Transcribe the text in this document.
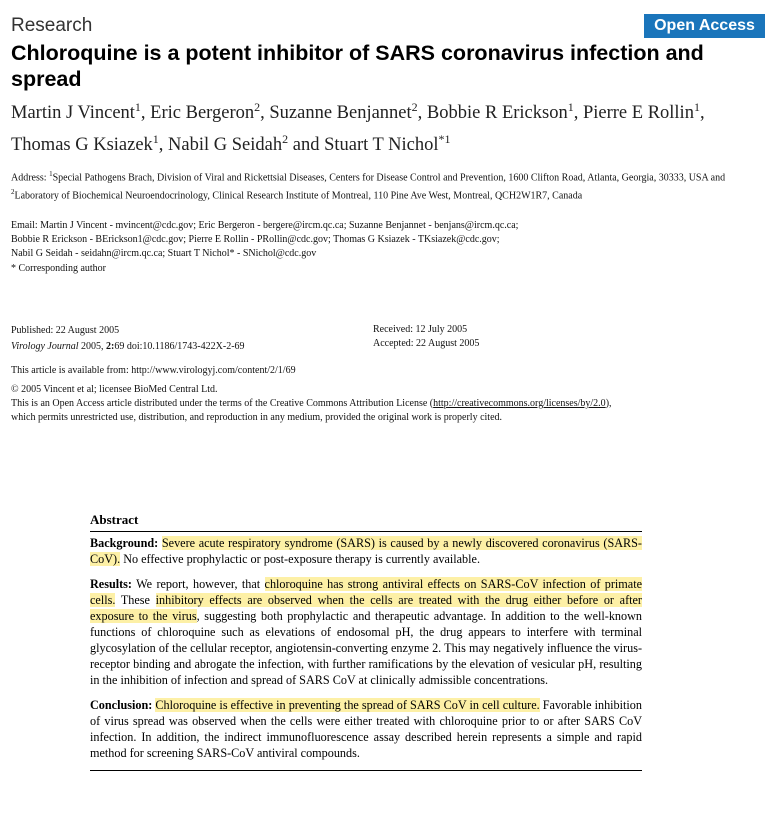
Research	Open Access
Chloroquine is a potent inhibitor of SARS coronavirus infection and spread
Martin J Vincent$^1$, Eric Bergeron$^2$, Suzanne Benjannet$^2$, Bobbie R Erickson$^1$, Pierre E Rollin$^1$, Thomas G Ksiazek$^1$, Nabil G Seidah$^2$ and Stuart T Nichol$^{*1}$
Address: $^1$Special Pathogens Brach, Division of Viral and Rickettsial Diseases, Centers for Disease Control and Prevention, 1600 Clifton Road, Atlanta, Georgia, 30333, USA and $^2$Laboratory of Biochemical Neuroendocrinology, Clinical Research Institute of Montreal, 110 Pine Ave West, Montreal, QCH2W1R7, Canada
Email: Martin J Vincent - mvincent@cdc.gov; Eric Bergeron - bergere@ircm.qc.ca; Suzanne Benjannet - benjans@ircm.qc.ca;
Bobbie R Erickson - BErickson1@cdc.gov; Pierre E Rollin - PRollin@cdc.gov; Thomas G Ksiazek - TKsiazek@cdc.gov;
Nabil G Seidah - seidahn@ircm.qc.ca; Stuart T Nichol* - SNichol@cdc.gov
* Corresponding author
Published: 22 August 2005
Virology Journal 2005, 2:69 doi:10.1186/1743-422X-2-69
Received: 12 July 2005
Accepted: 22 August 2005
This article is available from: http://www.virologyj.com/content/2/1/69
© 2005 Vincent et al; licensee BioMed Central Ltd.
This is an Open Access article distributed under the terms of the Creative Commons Attribution License (http://creativecommons.org/licenses/by/2.0),
which permits unrestricted use, distribution, and reproduction in any medium, provided the original work is properly cited.
Abstract
Background: Severe acute respiratory syndrome (SARS) is caused by a newly discovered coronavirus (SARS-CoV). No effective prophylactic or post-exposure therapy is currently available.
Results: We report, however, that chloroquine has strong antiviral effects on SARS-CoV infection of primate cells. These inhibitory effects are observed when the cells are treated with the drug either before or after exposure to the virus, suggesting both prophylactic and therapeutic advantage. In addition to the well-known functions of chloroquine such as elevations of endosomal pH, the drug appears to interfere with terminal glycosylation of the cellular receptor, angiotensin-converting enzyme 2. This may negatively influence the virus-receptor binding and abrogate the infection, with further ramifications by the elevation of vesicular pH, resulting in the inhibition of infection and spread of SARS CoV at clinically admissible concentrations.
Conclusion: Chloroquine is effective in preventing the spread of SARS CoV in cell culture. Favorable inhibition of virus spread was observed when the cells were either treated with chloroquine prior to or after SARS CoV infection. In addition, the indirect immunofluorescence assay described herein represents a simple and rapid method for screening SARS-CoV antiviral compounds.
